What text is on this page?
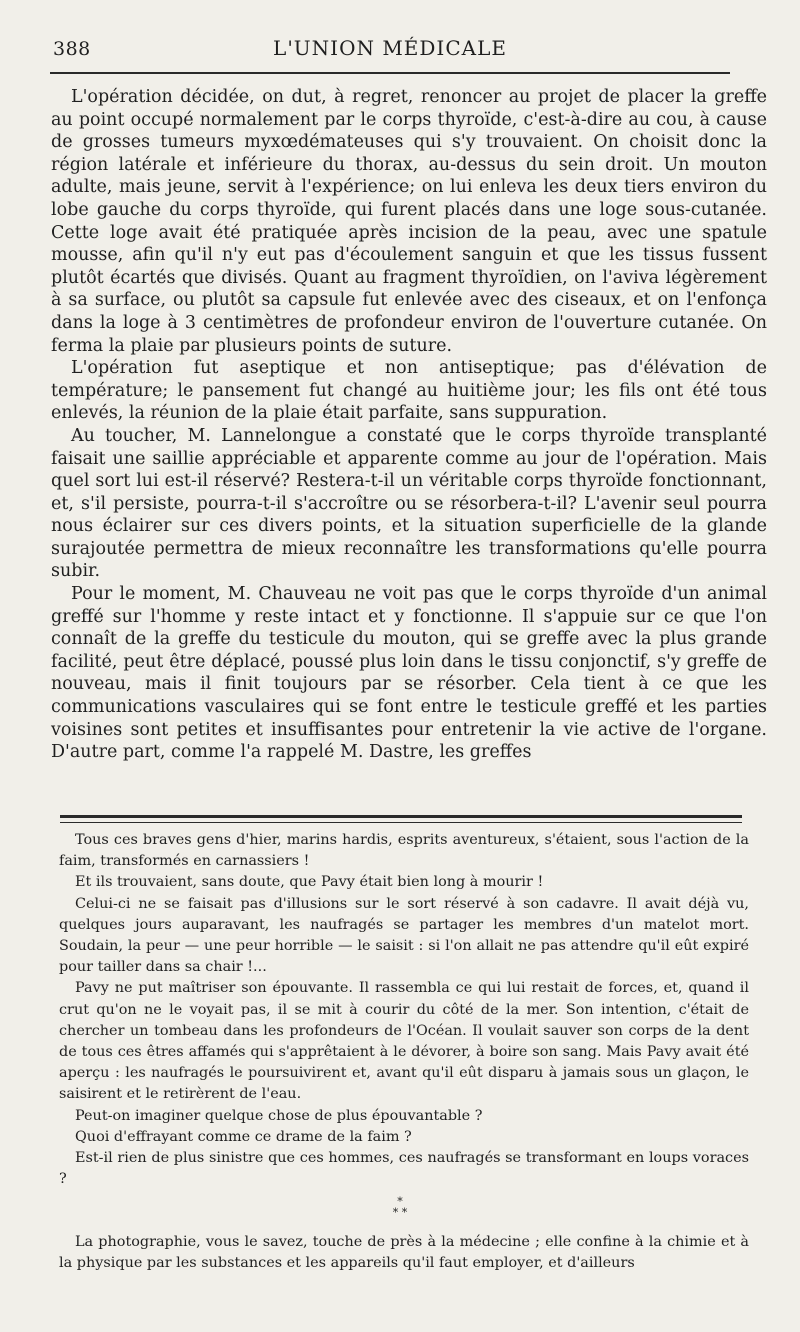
388	L'UNION MÉDICALE

L'opération décidée, on dut, à regret, renoncer au projet de placer la greffe au point occupé normalement par le corps thyroïde, c'est-à-dire au cou, à cause de grosses tumeurs myxœdémateuses qui s'y trouvaient. On choisit donc la région latérale et inférieure du thorax, au-dessus du sein droit. Un mouton adulte, mais jeune, servit à l'expérience; on lui enleva les deux tiers environ du lobe gauche du corps thyroïde, qui furent placés dans une loge sous-cutanée. Cette loge avait été pratiquée après incision de la peau, avec une spatule mousse, afin qu'il n'y eut pas d'écoulement sanguin et que les tissus fussent plutôt écartés que divisés. Quant au fragment thyroïdien, on l'aviva légèrement à sa surface, ou plutôt sa capsule fut enlevée avec des ciseaux, et on l'enfonça dans la loge à 3 centimètres de profondeur environ de l'ouverture cutanée. On ferma la plaie par plusieurs points de suture.

L'opération fut aseptique et non antiseptique; pas d'élévation de température; le pansement fut changé au huitième jour; les fils ont été tous enlevés, la réunion de la plaie était parfaite, sans suppuration.

Au toucher, M. Lannelongue a constaté que le corps thyroïde transplanté faisait une saillie appréciable et apparente comme au jour de l'opération. Mais quel sort lui est-il réservé? Restera-t-il un véritable corps thyroïde fonctionnant, et, s'il persiste, pourra-t-il s'accroître ou se résorbera-t-il? L'avenir seul pourra nous éclairer sur ces divers points, et la situation superficielle de la glande surajoutée permettra de mieux reconnaître les transformations qu'elle pourra subir.

Pour le moment, M. Chauveau ne voit pas que le corps thyroïde d'un animal greffé sur l'homme y reste intact et y fonctionne. Il s'appuie sur ce que l'on connaît de la greffe du testicule du mouton, qui se greffe avec la plus grande facilité, peut être déplacé, poussé plus loin dans le tissu conjonctif, s'y greffe de nouveau, mais il finit toujours par se résorber. Cela tient à ce que les communications vasculaires qui se font entre le testicule greffé et les parties voisines sont petites et insuffisantes pour entretenir la vie active de l'organe. D'autre part, comme l'a rappelé M. Dastre, les greffes

Tous ces braves gens d'hier, marins hardis, esprits aventureux, s'étaient, sous l'action de la faim, transformés en carnassiers !

Et ils trouvaient, sans doute, que Pavy était bien long à mourir !

Celui-ci ne se faisait pas d'illusions sur le sort réservé à son cadavre. Il avait déjà vu, quelques jours auparavant, les naufragés se partager les membres d'un matelot mort. Soudain, la peur — une peur horrible — le saisit : si l'on allait ne pas attendre qu'il eût expiré pour tailler dans sa chair !...

Pavy ne put maîtriser son épouvante. Il rassembla ce qui lui restait de forces, et, quand il crut qu'on ne le voyait pas, il se mit à courir du côté de la mer. Son intention, c'était de chercher un tombeau dans les profondeurs de l'Océan. Il voulait sauver son corps de la dent de tous ces êtres affamés qui s'apprêtaient à le dévorer, à boire son sang. Mais Pavy avait été aperçu : les naufragés le poursuivirent et, avant qu'il eût disparu à jamais sous un glaçon, le saisirent et le retirèrent de l'eau.

Peut-on imaginer quelque chose de plus épouvantable ?

Quoi d'effrayant comme ce drame de la faim ?

Est-il rien de plus sinistre que ces hommes, ces naufragés se transformant en loups voraces ?

*
* *

La photographie, vous le savez, touche de près à la médecine ; elle confine à la chimie et à la physique par les substances et les appareils qu'il faut employer, et d'ailleurs
